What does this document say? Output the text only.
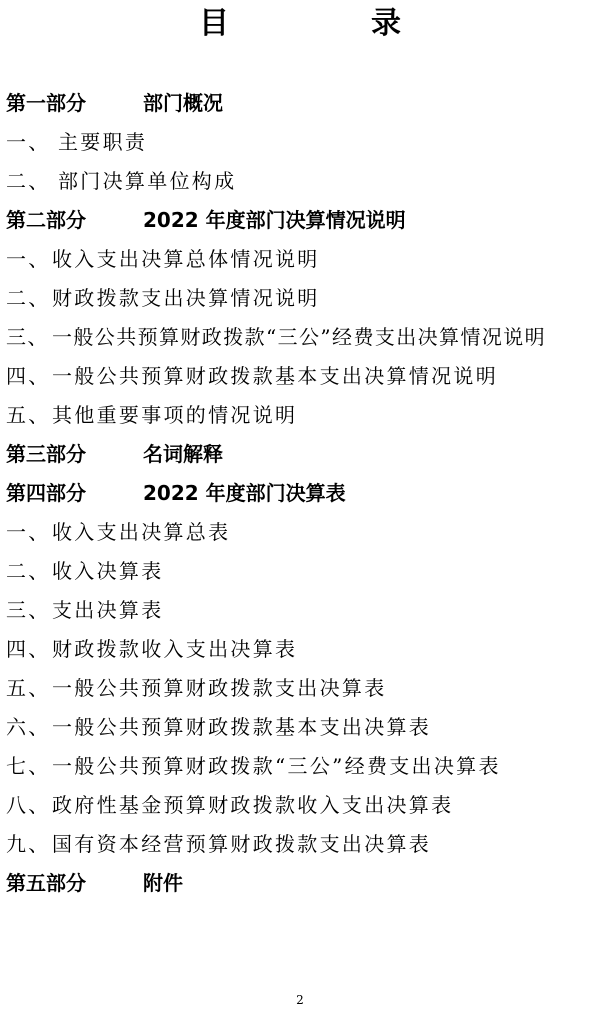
目　录
第一部分	部门概况
一、 主要职责
二、 部门决算单位构成
第二部分	2022 年度部门决算情况说明
一、收入支出决算总体情况说明
二、财政拨款支出决算情况说明
三、 一般公共预算财政拨款“三公”经费支出决算情况说明
四、一般公共预算财政拨款基本支出决算情况说明
五、其他重要事项的情况说明
第三部分	名词解释
第四部分	2022 年度部门决算表
一、收入支出决算总表
二、收入决算表
三、支出决算表
四、财政拨款收入支出决算表
五、一般公共预算财政拨款支出决算表
六、一般公共预算财政拨款基本支出决算表
七、一般公共预算财政拨款“三公”经费支出决算表
八、政府性基金预算财政拨款收入支出决算表
九、国有资本经营预算财政拨款支出决算表
第五部分	附件
2
